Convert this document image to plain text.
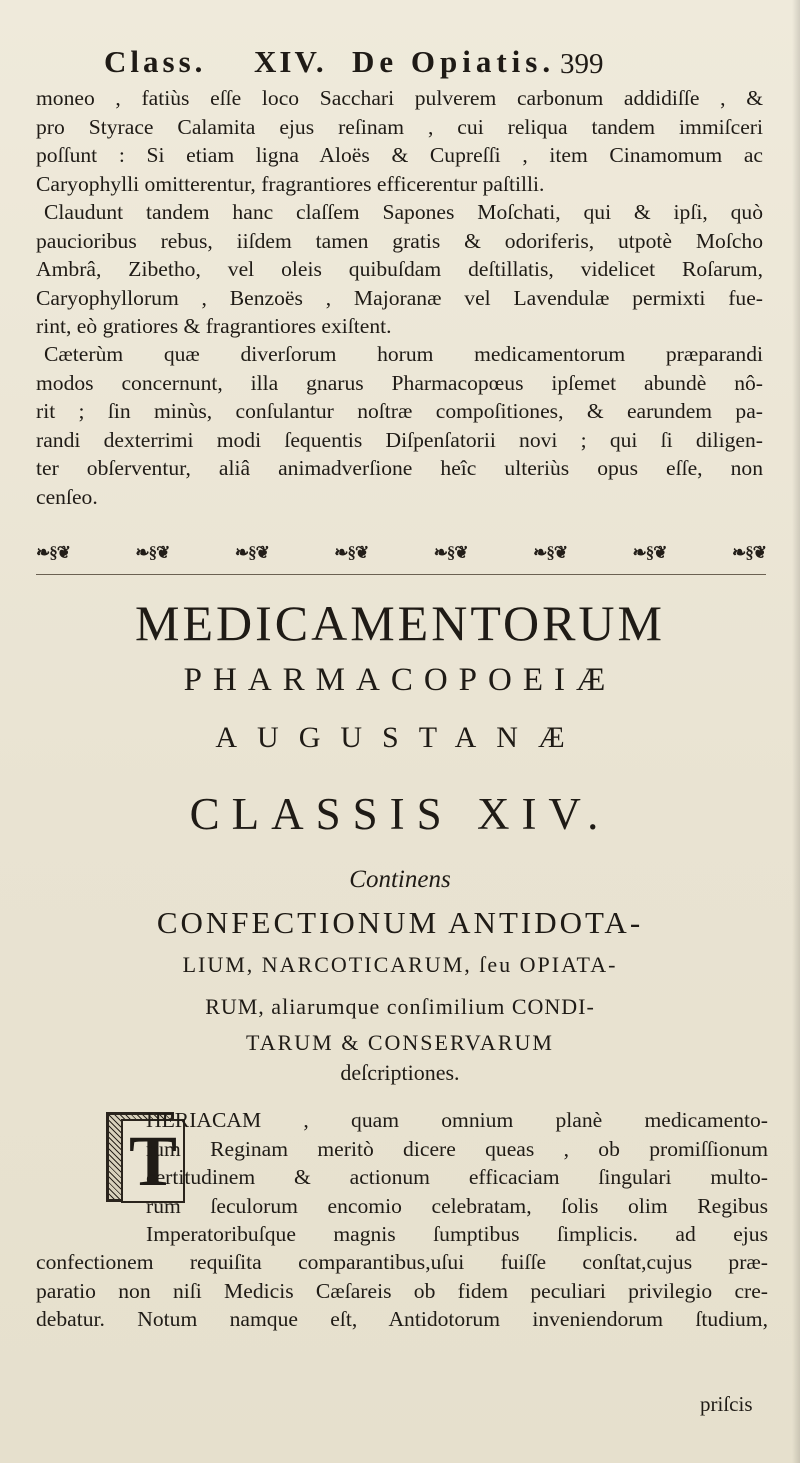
Class. XIV. De Opiatis. 399
moneo , fatiùs eſſe loco Sacchari pulverem carbonum addidiſſe , &
pro Styrace Calamita ejus reſinam , cui reliqua tandem immiſceri
poſſunt : Si etiam ligna Aloës & Cupreſſi , item Cinamomum ac
Caryophylli omitterentur, fragrantiores efficerentur paſtilli.
Claudunt tandem hanc claſſem Sapones Moſchati, qui & ipſi, quò
paucioribus rebus, iiſdem tamen gratis & odoriferis, utpotè Moſcho
Ambrâ, Zibetho, vel oleis quibuſdam deſtillatis, videlicet Roſarum,
Caryophyllorum , Benzoës , Majoranæ vel Lavendulæ permixti fue-
rint, eò gratiores & fragrantiores exiſtent.
Cæterùm quæ diverſorum horum medicamentorum præparandi
modos concernunt, illa gnarus Pharmacopœus ipſemet abundè nô-
rit ; ſin minùs, conſulantur noſtræ compoſitiones, & earundem pa-
randi dexterrimi modi ſequentis Diſpenſatorii novi ; qui ſi diligen-
ter obſerventur, aliâ animadverſione heîc ulteriùs opus eſſe, non
cenſeo.
❧§❦	❧§❦	❧§❦	❧§❦	❧§❦	❧§❦	❧§❦	❧§❦
MEDICAMENTORUM
PHARMACOPOEIÆ
AUGUSTANÆ
CLASSIS XIV.
Continens
CONFECTIONUM ANTIDOTA-
LIUM, NARCOTICARUM, ſeu OPIATA-
RUM, aliarumque conſimilium CONDI-
TARUM & CONSERVARUM
deſcriptiones.
T
HERIACAM , quam omnium planè medicamento-
rum Reginam meritò dicere queas , ob promiſſionum
certitudinem & actionum efficaciam ſingulari multo-
rum ſeculorum encomio celebratam, ſolis olim Regibus
Imperatoribuſque magnis ſumptibus ſimplicis. ad ejus
confectionem requiſita comparantibus,uſui fuiſſe conſtat,cujus præ-
paratio non niſi Medicis Cæſareis ob fidem peculiari privilegio cre-
debatur. Notum namque eſt, Antidotorum inveniendorum ſtudium,
priſcis
